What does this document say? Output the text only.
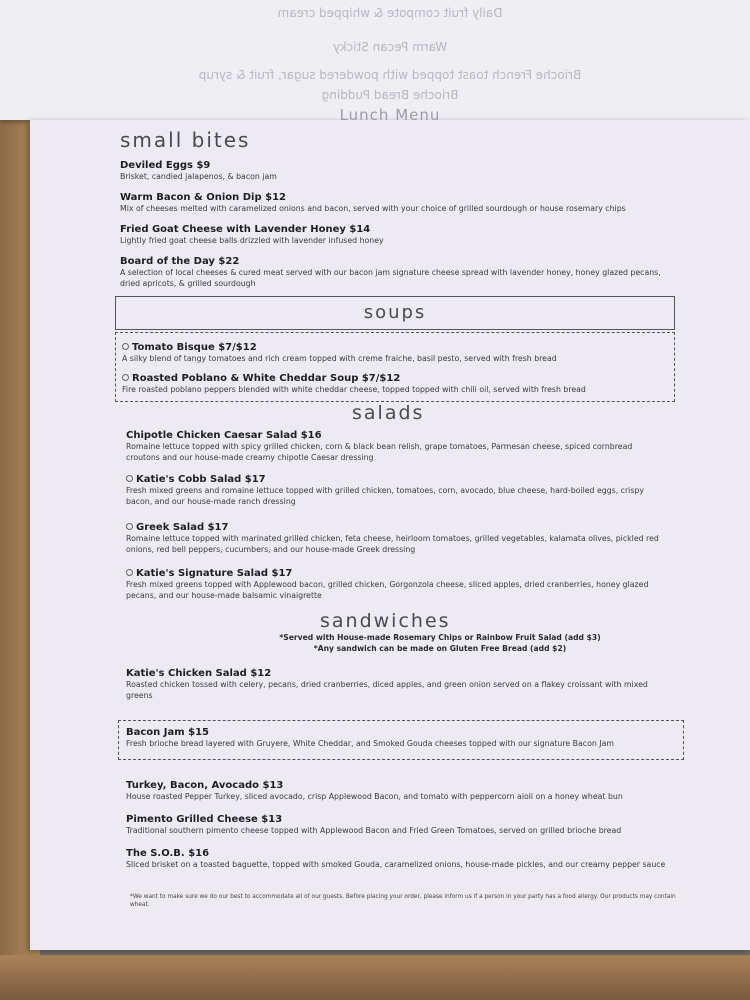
Daily fruit compote & whipped cream
Warm Pecan Sticky
Brioche French toast topped with powdered sugar, fruit & syrup
Brioche Bread Pudding
Lunch Menu
small bites
Deviled Eggs $9
Brisket, candied jalapenos, & bacon jam
Warm Bacon & Onion Dip $12
Mix of cheeses melted with caramelized onions and bacon, served with your choice of grilled sourdough or house rosemary chips
Fried Goat Cheese with Lavender Honey $14
Lightly fried goat cheese balls drizzled with lavender infused honey
Board of the Day $22
A selection of local cheeses & cured meat served with our bacon jam signature cheese spread with lavender honey, honey glazed pecans, dried apricots, & grilled sourdough
soups
Tomato Bisque $7/$12
A silky blend of tangy tomatoes and rich cream topped with creme fraiche, basil pesto, served with fresh bread
Roasted Poblano & White Cheddar Soup $7/$12
Fire roasted poblano peppers blended with white cheddar cheese, topped topped with chili oil, served with fresh bread
salads
Chipotle Chicken Caesar Salad $16
Romaine lettuce topped with spicy grilled chicken, corn & black bean relish, grape tomatoes, Parmesan cheese, spiced cornbread croutons and our house-made creamy chipotle Caesar dressing
Katie's Cobb Salad $17
Fresh mixed greens and romaine lettuce topped with grilled chicken, tomatoes, corn, avocado, blue cheese, hard-boiled eggs, crispy bacon, and our house-made ranch dressing
Greek Salad $17
Romaine lettuce topped with marinated grilled chicken, feta cheese, heirloom tomatoes, grilled vegetables, kalamata olives, pickled red onions, red bell peppers, cucumbers, and our house-made Greek dressing
Katie's Signature Salad $17
Fresh mixed greens topped with Applewood bacon, grilled chicken, Gorgonzola cheese, sliced apples, dried cranberries, honey glazed pecans, and our house-made balsamic vinaigrette
sandwiches
*Served with House-made Rosemary Chips or Rainbow Fruit Salad (add $3)
*Any sandwich can be made on Gluten Free Bread (add $2)
Katie's Chicken Salad $12
Roasted chicken tossed with celery, pecans, dried cranberries, diced apples, and green onion served on a flakey croissant with mixed greens
Bacon Jam $15
Fresh brioche bread layered with Gruyere, White Cheddar, and Smoked Gouda cheeses topped with our signature Bacon Jam
Turkey, Bacon, Avocado $13
House roasted Pepper Turkey, sliced avocado, crisp Applewood Bacon, and tomato with peppercorn aioli on a honey wheat bun
Pimento Grilled Cheese $13
Traditional southern pimento cheese topped with Applewood Bacon and Fried Green Tomatoes, served on grilled brioche bread
The S.O.B. $16
Sliced brisket on a toasted baguette, topped with smoked Gouda, caramelized onions, house-made pickles, and our creamy pepper sauce
*We want to make sure we do our best to accommodate all of our guests. Before placing your order, please inform us if a person in your party has a food allergy. Our products may contain wheat.
